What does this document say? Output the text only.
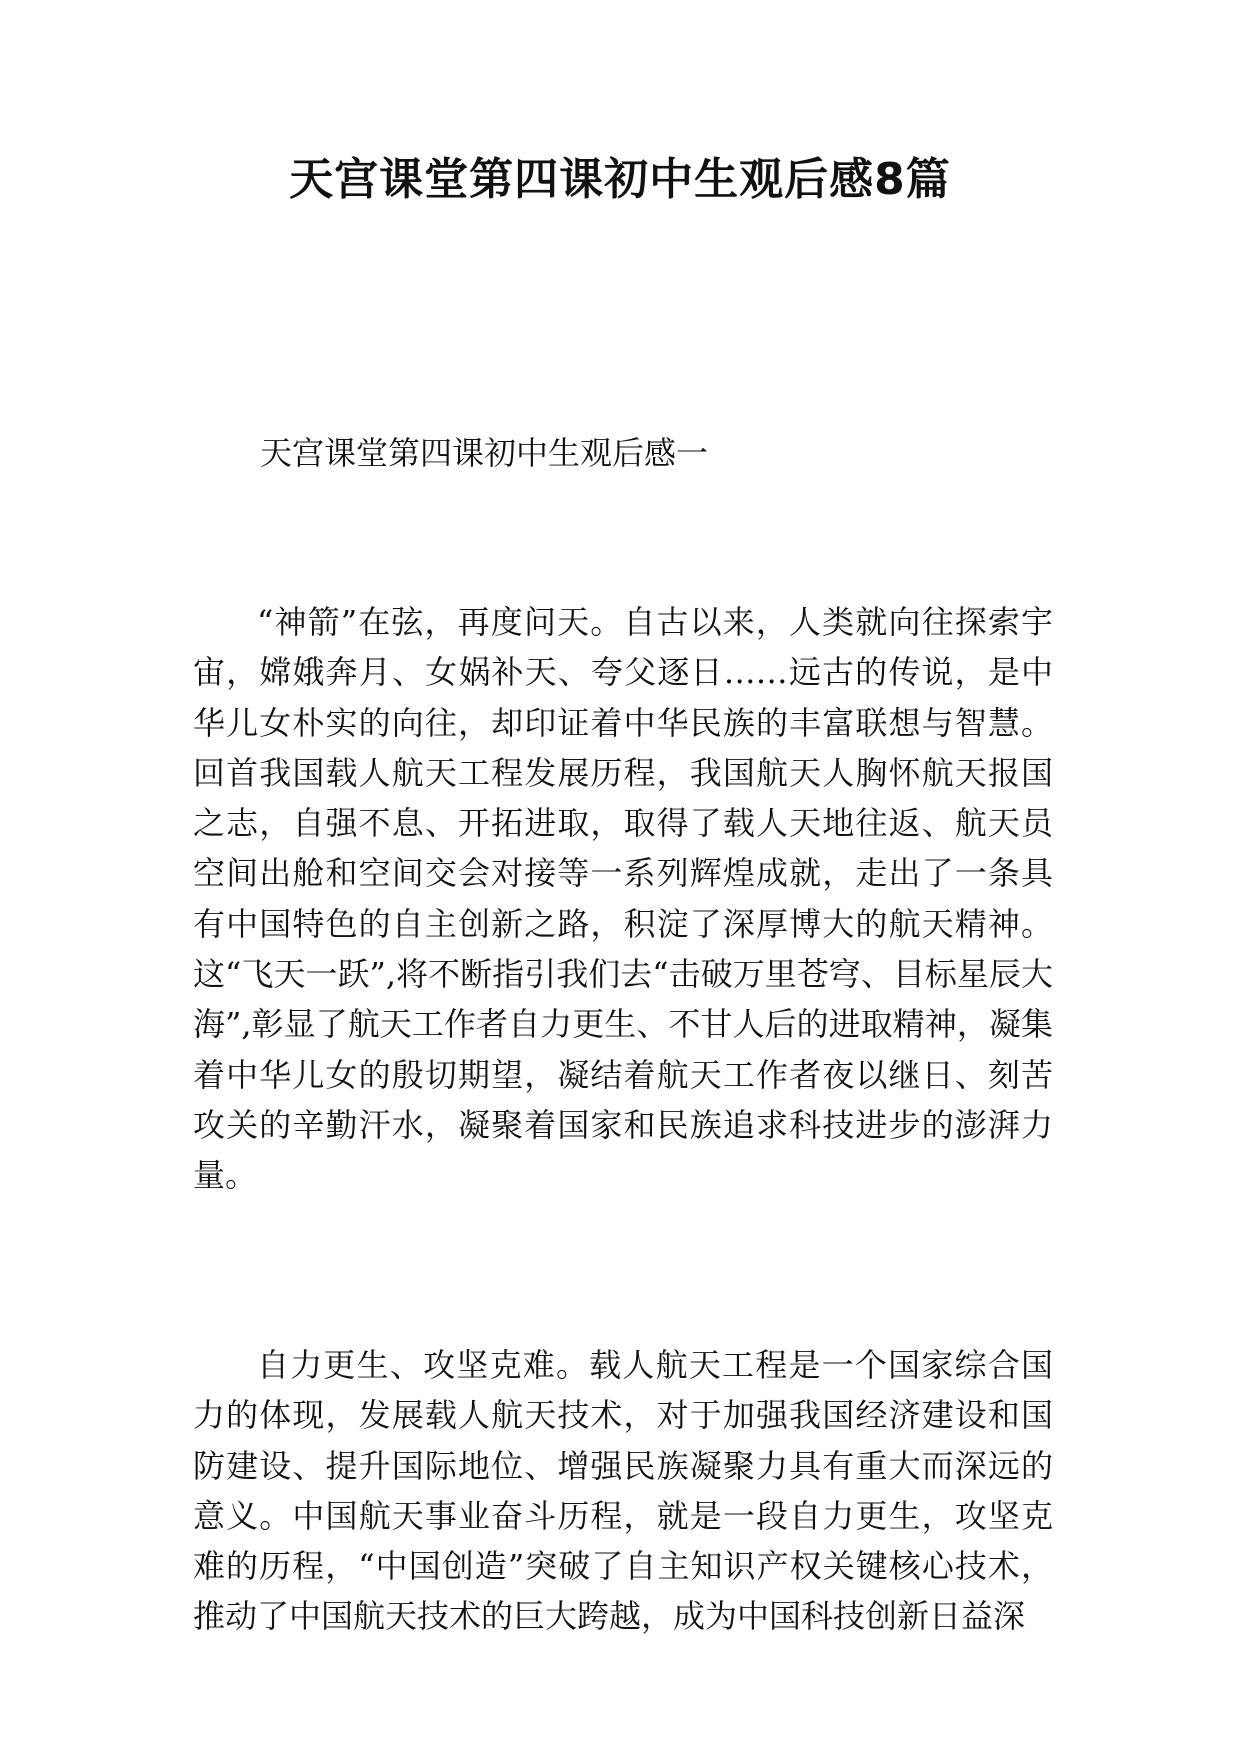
天宫课堂第四课初中生观后感8篇
天宫课堂第四课初中生观后感一

“神箭”在弦，再度问天。自古以来，人类就向往探索宇宙，嫦娥奔月、女娲补天、夸父逐日……远古的传说，是中华儿女朴实的向往，却印证着中华民族的丰富联想与智慧。回首我国载人航天工程发展历程，我国航天人胸怀航天报国之志，自强不息、开拓进取，取得了载人天地往返、航天员空间出舱和空间交会对接等一系列辉煌成就，走出了一条具有中国特色的自主创新之路，积淀了深厚博大的航天精神。这“飞天一跃”,将不断指引我们去“击破万里苍穹、目标星辰大海”,彰显了航天工作者自力更生、不甘人后的进取精神，凝集着中华儿女的殷切期望，凝结着航天工作者夜以继日、刻苦攻关的辛勤汗水，凝聚着国家和民族追求科技进步的澎湃力量。

自力更生、攻坚克难。载人航天工程是一个国家综合国力的体现，发展载人航天技术，对于加强我国经济建设和国防建设、提升国际地位、增强民族凝聚力具有重大而深远的意义。中国航天事业奋斗历程，就是一段自力更生，攻坚克难的历程，“中国创造”突破了自主知识产权关键核心技术，推动了中国航天技术的巨大跨越，成为中国科技创新日益深
